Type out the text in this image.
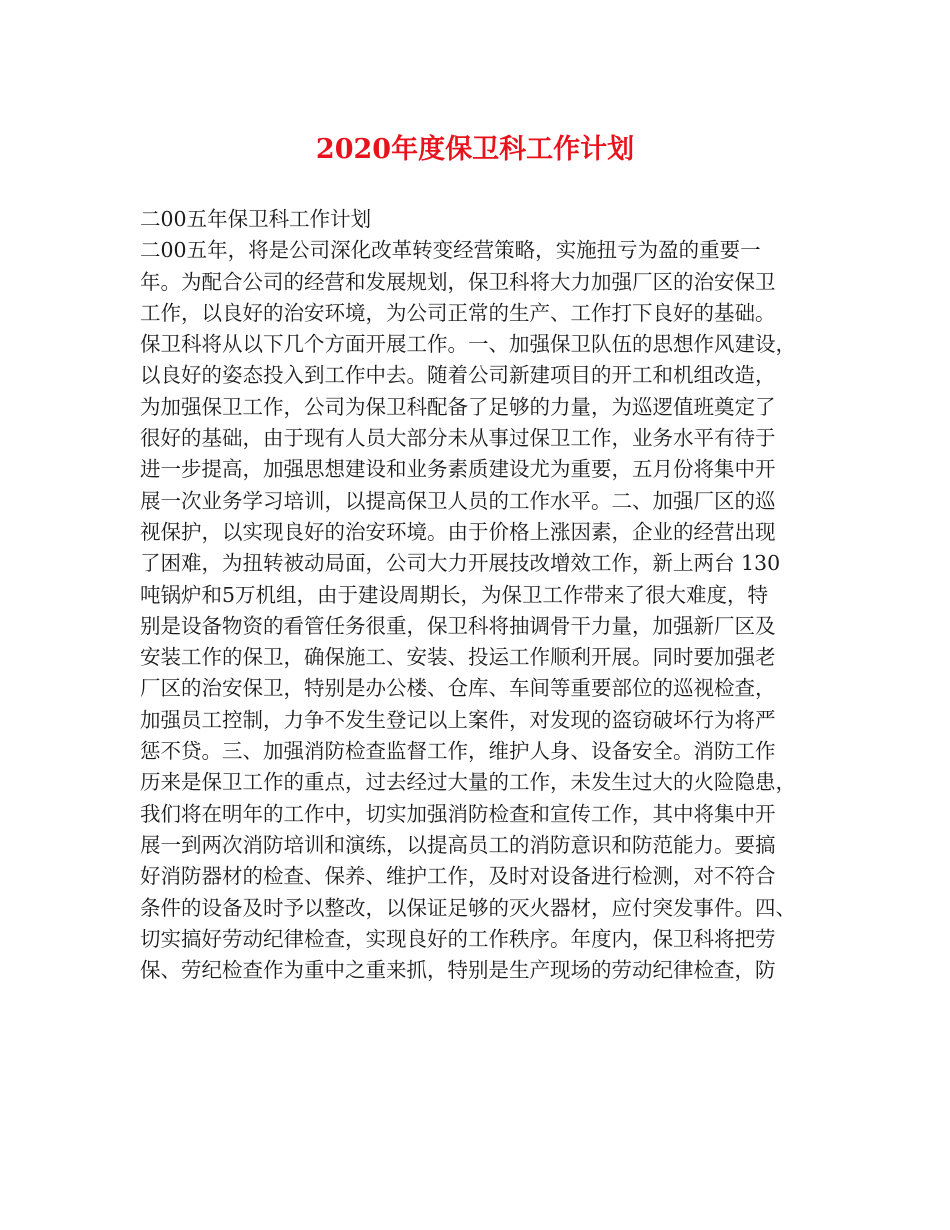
2020年度保卫科工作计划
二00五年保卫科工作计划
二00五年，将是公司深化改革转变经营策略，实施扭亏为盈的重要一
年。为配合公司的经营和发展规划，保卫科将大力加强厂区的治安保卫
工作，以良好的治安环境，为公司正常的生产、工作打下良好的基础。
保卫科将从以下几个方面开展工作。一、加强保卫队伍的思想作风建设，
以良好的姿态投入到工作中去。随着公司新建项目的开工和机组改造，
为加强保卫工作，公司为保卫科配备了足够的力量，为巡逻值班奠定了
很好的基础，由于现有人员大部分未从事过保卫工作，业务水平有待于
进一步提高，加强思想建设和业务素质建设尤为重要，五月份将集中开
展一次业务学习培训，以提高保卫人员的工作水平。二、加强厂区的巡
视保护，以实现良好的治安环境。由于价格上涨因素，企业的经营出现
了困难，为扭转被动局面，公司大力开展技改增效工作，新上两台 130
吨锅炉和5万机组，由于建设周期长，为保卫工作带来了很大难度，特
别是设备物资的看管任务很重，保卫科将抽调骨干力量，加强新厂区及
安装工作的保卫，确保施工、安装、投运工作顺利开展。同时要加强老
厂区的治安保卫，特别是办公楼、仓库、车间等重要部位的巡视检查，
加强员工控制，力争不发生登记以上案件，对发现的盗窃破坏行为将严
惩不贷。三、加强消防检查监督工作，维护人身、设备安全。消防工作
历来是保卫工作的重点，过去经过大量的工作，未发生过大的火险隐患，
我们将在明年的工作中，切实加强消防检查和宣传工作，其中将集中开
展一到两次消防培训和演练，以提高员工的消防意识和防范能力。要搞
好消防器材的检查、保养、维护工作，及时对设备进行检测，对不符合
条件的设备及时予以整改，以保证足够的灭火器材，应付突发事件。四、
切实搞好劳动纪律检查，实现良好的工作秩序。年度内，保卫科将把劳
保、劳纪检查作为重中之重来抓，特别是生产现场的劳动纪律检查，防
